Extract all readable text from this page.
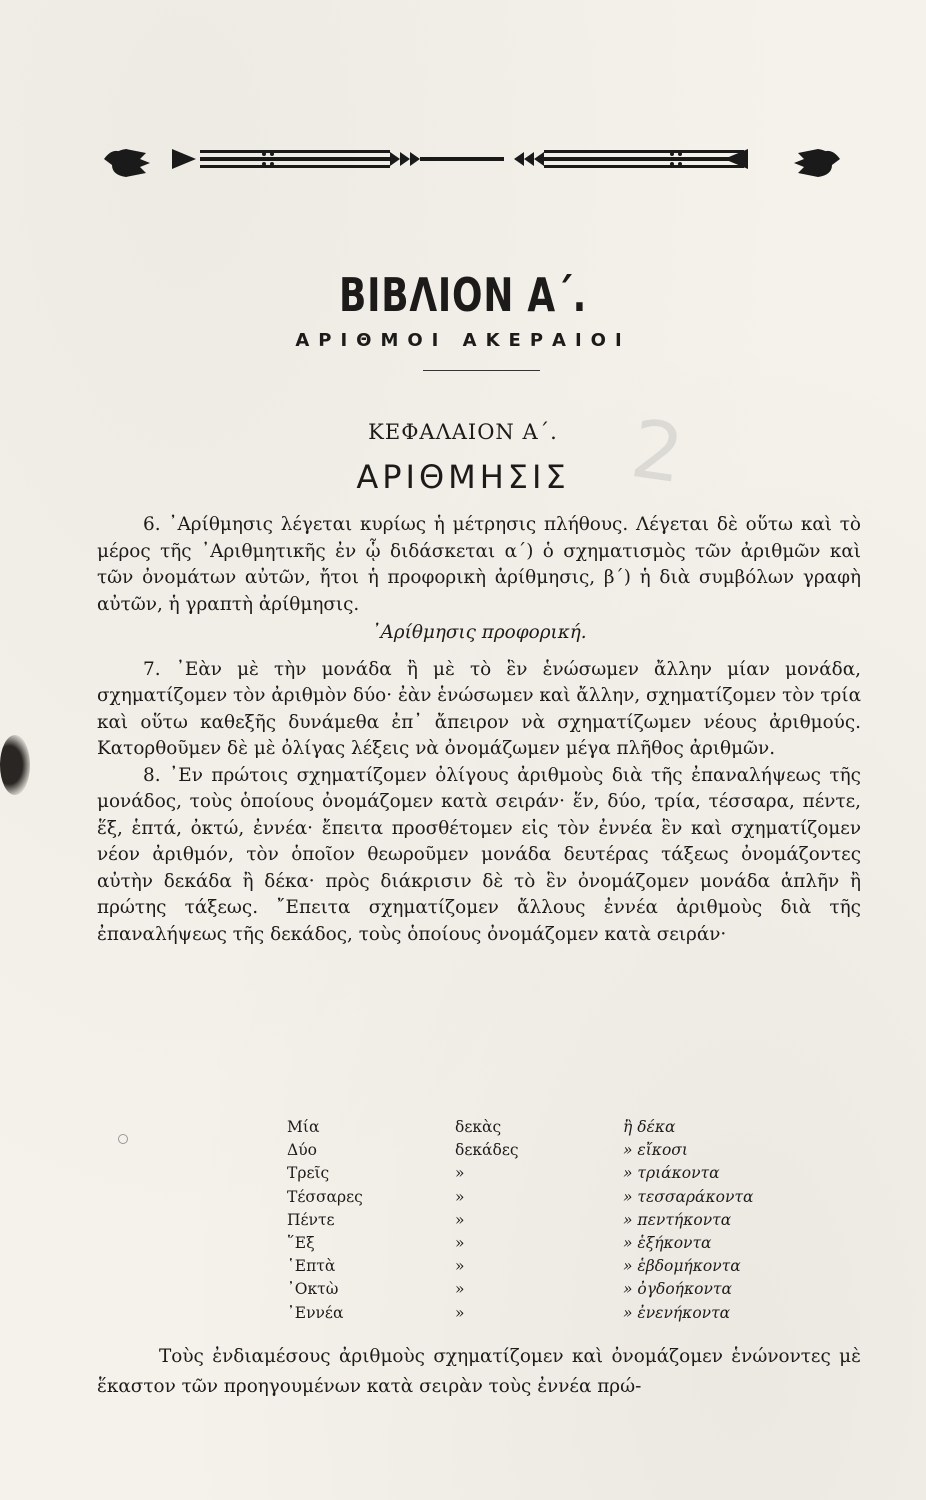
ΒΙΒΛΙΟΝ Α΄.
ΑΡΙΘΜΟΙ ΑΚΕΡΑΙΟΙ
ΚΕΦΑΛΑΙΟΝ Α΄.
ΑΡΙΘΜΗΣΙΣ 2

6. ᾽Αρίθμησις λέγεται κυρίως ἡ μέτρησις πλήθους. Λέγεται δὲ οὕτω καὶ τὸ μέρος τῆς ᾽Αριθμητικῆς ἐν ᾧ διδάσκεται α΄) ὁ σχηματισμὸς τῶν ἀριθμῶν καὶ τῶν ὀνομάτων αὐτῶν, ἤτοι ἡ προφορικὴ ἀρίθμησις, β΄) ἡ διὰ συμβόλων γραφὴ αὐτῶν, ἡ γραπτὴ ἀρίθμησις.

᾽Αρίθμησις προφορική.

7. ᾽Εὰν μὲ τὴν μονάδα ἢ μὲ τὸ ἓν ἑνώσωμεν ἄλλην μίαν μονάδα, σχηματίζομεν τὸν ἀριθμὸν δύο· ἐὰν ἑνώσωμεν καὶ ἄλλην, σχηματίζομεν τὸν τρία καὶ οὕτω καθεξῆς δυνάμεθα ἐπ᾽ ἄπειρον νὰ σχηματίζωμεν νέους ἀριθμούς. Κατορθοῦμεν δὲ μὲ ὀλίγας λέξεις νὰ ὀνομάζωμεν μέγα πλῆθος ἀριθμῶν.

8. ᾽Εν πρώτοις σχηματίζομεν ὀλίγους ἀριθμοὺς διὰ τῆς ἐπαναλήψεως τῆς μονάδος, τοὺς ὁποίους ὀνομάζομεν κατὰ σειράν· ἕν, δύο, τρία, τέσσαρα, πέντε, ἕξ, ἑπτά, ὀκτώ, ἐννέα· ἔπειτα προσθέτομεν εἰς τὸν ἐννέα ἓν καὶ σχηματίζομεν νέον ἀριθμόν, τὸν ὁποῖον θεωροῦμεν μονάδα δευτέρας τάξεως ὀνομάζοντες αὐτὴν δεκάδα ἢ δέκα· πρὸς διάκρισιν δὲ τὸ ἓν ὀνομάζομεν μονάδα ἁπλῆν ἢ πρώτης τάξεως. ῎Επειτα σχηματίζομεν ἄλλους ἐννέα ἀριθμοὺς διὰ τῆς ἐπαναλήψεως τῆς δεκάδος, τοὺς ὁποίους ὀνομάζομεν κατὰ σειράν·

Μία	δεκὰς	ἢ δέκα
Δύο	δεκάδες	» εἴκοσι
Τρεῖς	»	» τριάκοντα
Τέσσαρες	»	» τεσσαράκοντα
Πέντε	»	» πεντήκοντα
῞Εξ	»	» ἑξήκοντα
῾Επτὰ	»	» ἑβδομήκοντα
᾽Οκτὼ	»	» ὀγδοήκοντα
᾽Εννέα	»	» ἐνενήκοντα

Τοὺς ἐνδιαμέσους ἀριθμοὺς σχηματίζομεν καὶ ὀνομάζομεν ἑνώνοντες μὲ ἕκαστον τῶν προηγουμένων κατὰ σειρὰν τοὺς ἐννέα πρώ-
